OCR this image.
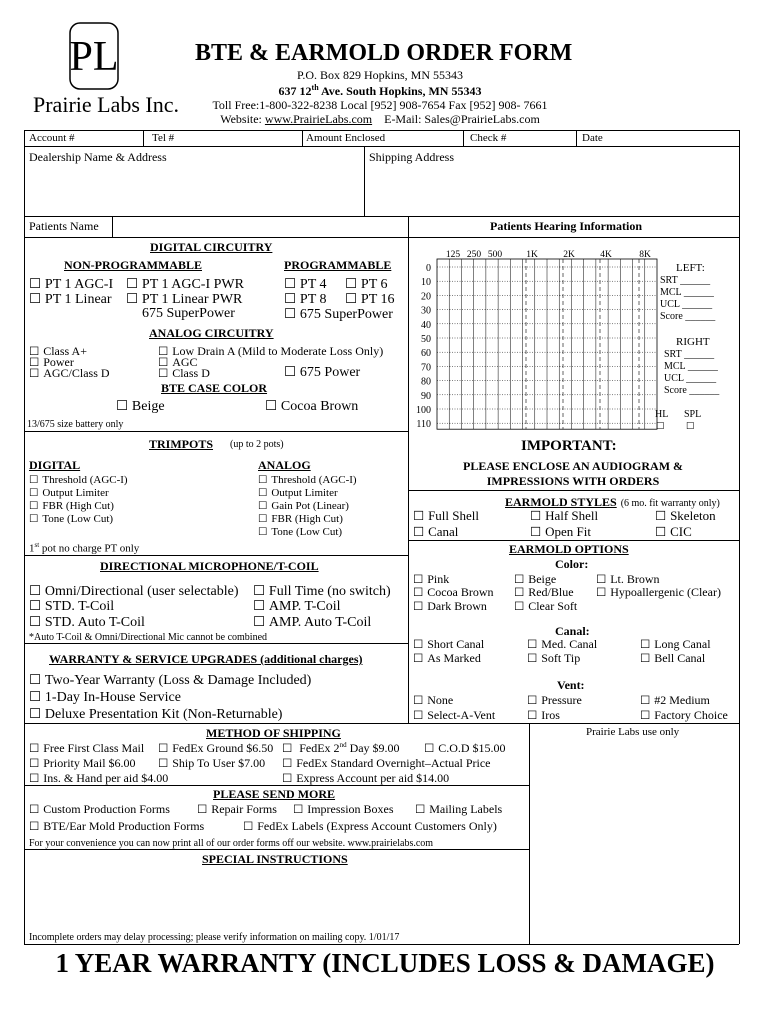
PL
Prairie Labs Inc.
BTE & EARMOLD ORDER FORM
P.O. Box 829 Hopkins, MN 55343
637 12th Ave. South Hopkins, MN 55343
Toll Free:1-800-322-8238 Local [952] 908-7654 Fax [952] 908- 7661
Website: www.PrairieLabs.com E-Mail: Sales@PrairieLabs.com
Account #	Tel #	Amount Enclosed	Check #	Date
Dealership Name & Address	Shipping Address
Patients Name	Patients Hearing Information
DIGITAL CIRCUITRY
NON-PROGRAMMABLE	PROGRAMMABLE
☐ PT 1 AGC-I	☐ PT 1 AGC-I PWR
☐ PT 1 Linear	☐ PT 1 Linear PWR
675 SuperPower
☐ PT 4	☐ PT 6
☐ PT 8	☐ PT 16
☐ 675 SuperPower
ANALOG CIRCUITRY
☐ Class A+
☐ Power
☐ AGC/Class D
☐ Low Drain A (Mild to Moderate Loss Only)
☐ AGC
☐ Class D	☐ 675 Power
BTE CASE COLOR
☐ Beige	☐ Cocoa Brown
13/675 size battery only
TRIMPOTS (up to 2 pots)
DIGITAL	ANALOG
☐ Threshold (AGC-I)
☐ Output Limiter
☐ FBR (High Cut)
☐ Tone (Low Cut)
☐ Threshold (AGC-I)
☐ Output Limiter
☐ Gain Pot (Linear)
☐ FBR (High Cut)
☐ Tone (Low Cut)
1st pot no charge PT only
DIRECTIONAL MICROPHONE/T-COIL
☐ Omni/Directional (user selectable)	☐ Full Time (no switch)
☐ STD. T-Coil	☐ AMP. T-Coil
☐ STD. Auto T-Coil	☐ AMP. Auto T-Coil
*Auto T-Coil & Omni/Directional Mic cannot be combined
WARRANTY & SERVICE UPGRADES (additional charges)
☐ Two-Year Warranty (Loss & Damage Included)
☐ 1-Day In-House Service
☐ Deluxe Presentation Kit (Non-Returnable)
125 250 500	1K	2K	4K	8K
0
10
20
30
40
50
60
70
80
90
100
110
LEFT:
SRT ______
MCL ______
UCL ______
Score ______
RIGHT
SRT ______
MCL ______
UCL ______
Score ______
HL SPL
☐
☐
IMPORTANT:
PLEASE ENCLOSE AN AUDIOGRAM &
IMPRESSIONS WITH ORDERS
EARMOLD STYLES (6 mo. fit warranty only)
☐ Full Shell	☐ Half Shell	☐ Skeleton
☐ Canal	☐ Open Fit	☐ CIC
EARMOLD OPTIONS
Color:
☐ Pink	☐ Beige	☐ Lt. Brown
☐ Cocoa Brown	☐ Red/Blue	☐ Hypoallergenic (Clear)
☐ Dark Brown	☐ Clear Soft
Canal:
☐ Short Canal	☐ Med. Canal	☐ Long Canal
☐ As Marked	☐ Soft Tip	☐ Bell Canal
Vent:
☐ None	☐ Pressure	☐ #2 Medium
☐ Select-A-Vent	☐ Iros	☐ Factory Choice
METHOD OF SHIPPING	Prairie Labs use only
☐ Free First Class Mail	☐ FedEx Ground $6.50	☐ FedEx 2nd Day $9.00	☐ C.O.D $15.00
☐ Priority Mail $6.00	☐ Ship To User $7.00	☐ FedEx Standard Overnight–Actual Price
☐ Ins. & Hand per aid $4.00	☐ Express Account per aid $14.00
PLEASE SEND MORE
☐ Custom Production Forms	☐ Repair Forms	☐ Impression Boxes	☐ Mailing Labels
☐ BTE/Ear Mold Production Forms	☐ FedEx Labels (Express Account Customers Only)
For your convenience you can now print all of our order forms off our website. www.prairielabs.com
SPECIAL INSTRUCTIONS
Incomplete orders may delay processing; please verify information on mailing copy. 1/01/17
1 YEAR WARRANTY (INCLUDES LOSS & DAMAGE)
